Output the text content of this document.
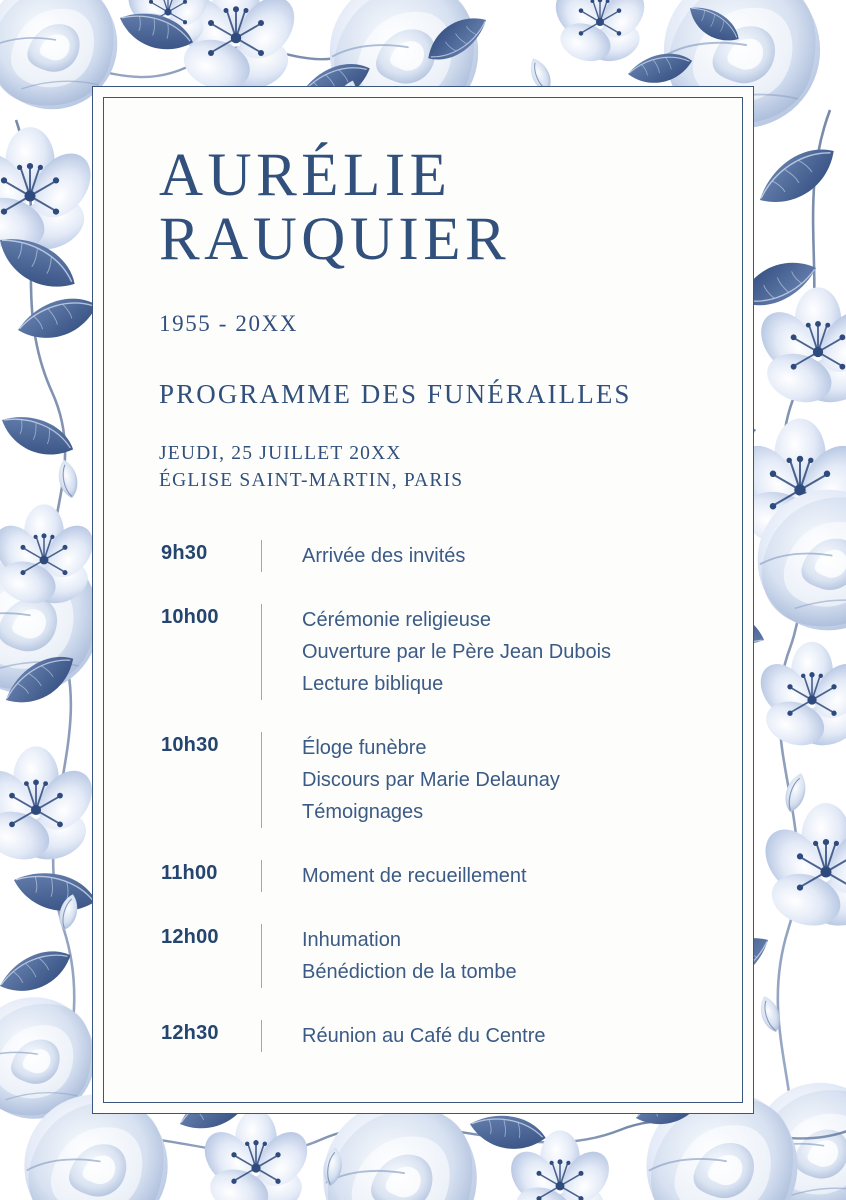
AURÉLIE
RAUQUIER
1955 - 20XX
PROGRAMME DES FUNÉRAILLES
JEUDI, 25 JUILLET 20XX
ÉGLISE SAINT-MARTIN, PARIS
9h30	Arrivée des invités
10h00	Cérémonie religieuse
Ouverture par le Père Jean Dubois
Lecture biblique
10h30	Éloge funèbre
Discours par Marie Delaunay
Témoignages
11h00	Moment de recueillement
12h00	Inhumation
Bénédiction de la tombe
12h30	Réunion au Café du Centre
